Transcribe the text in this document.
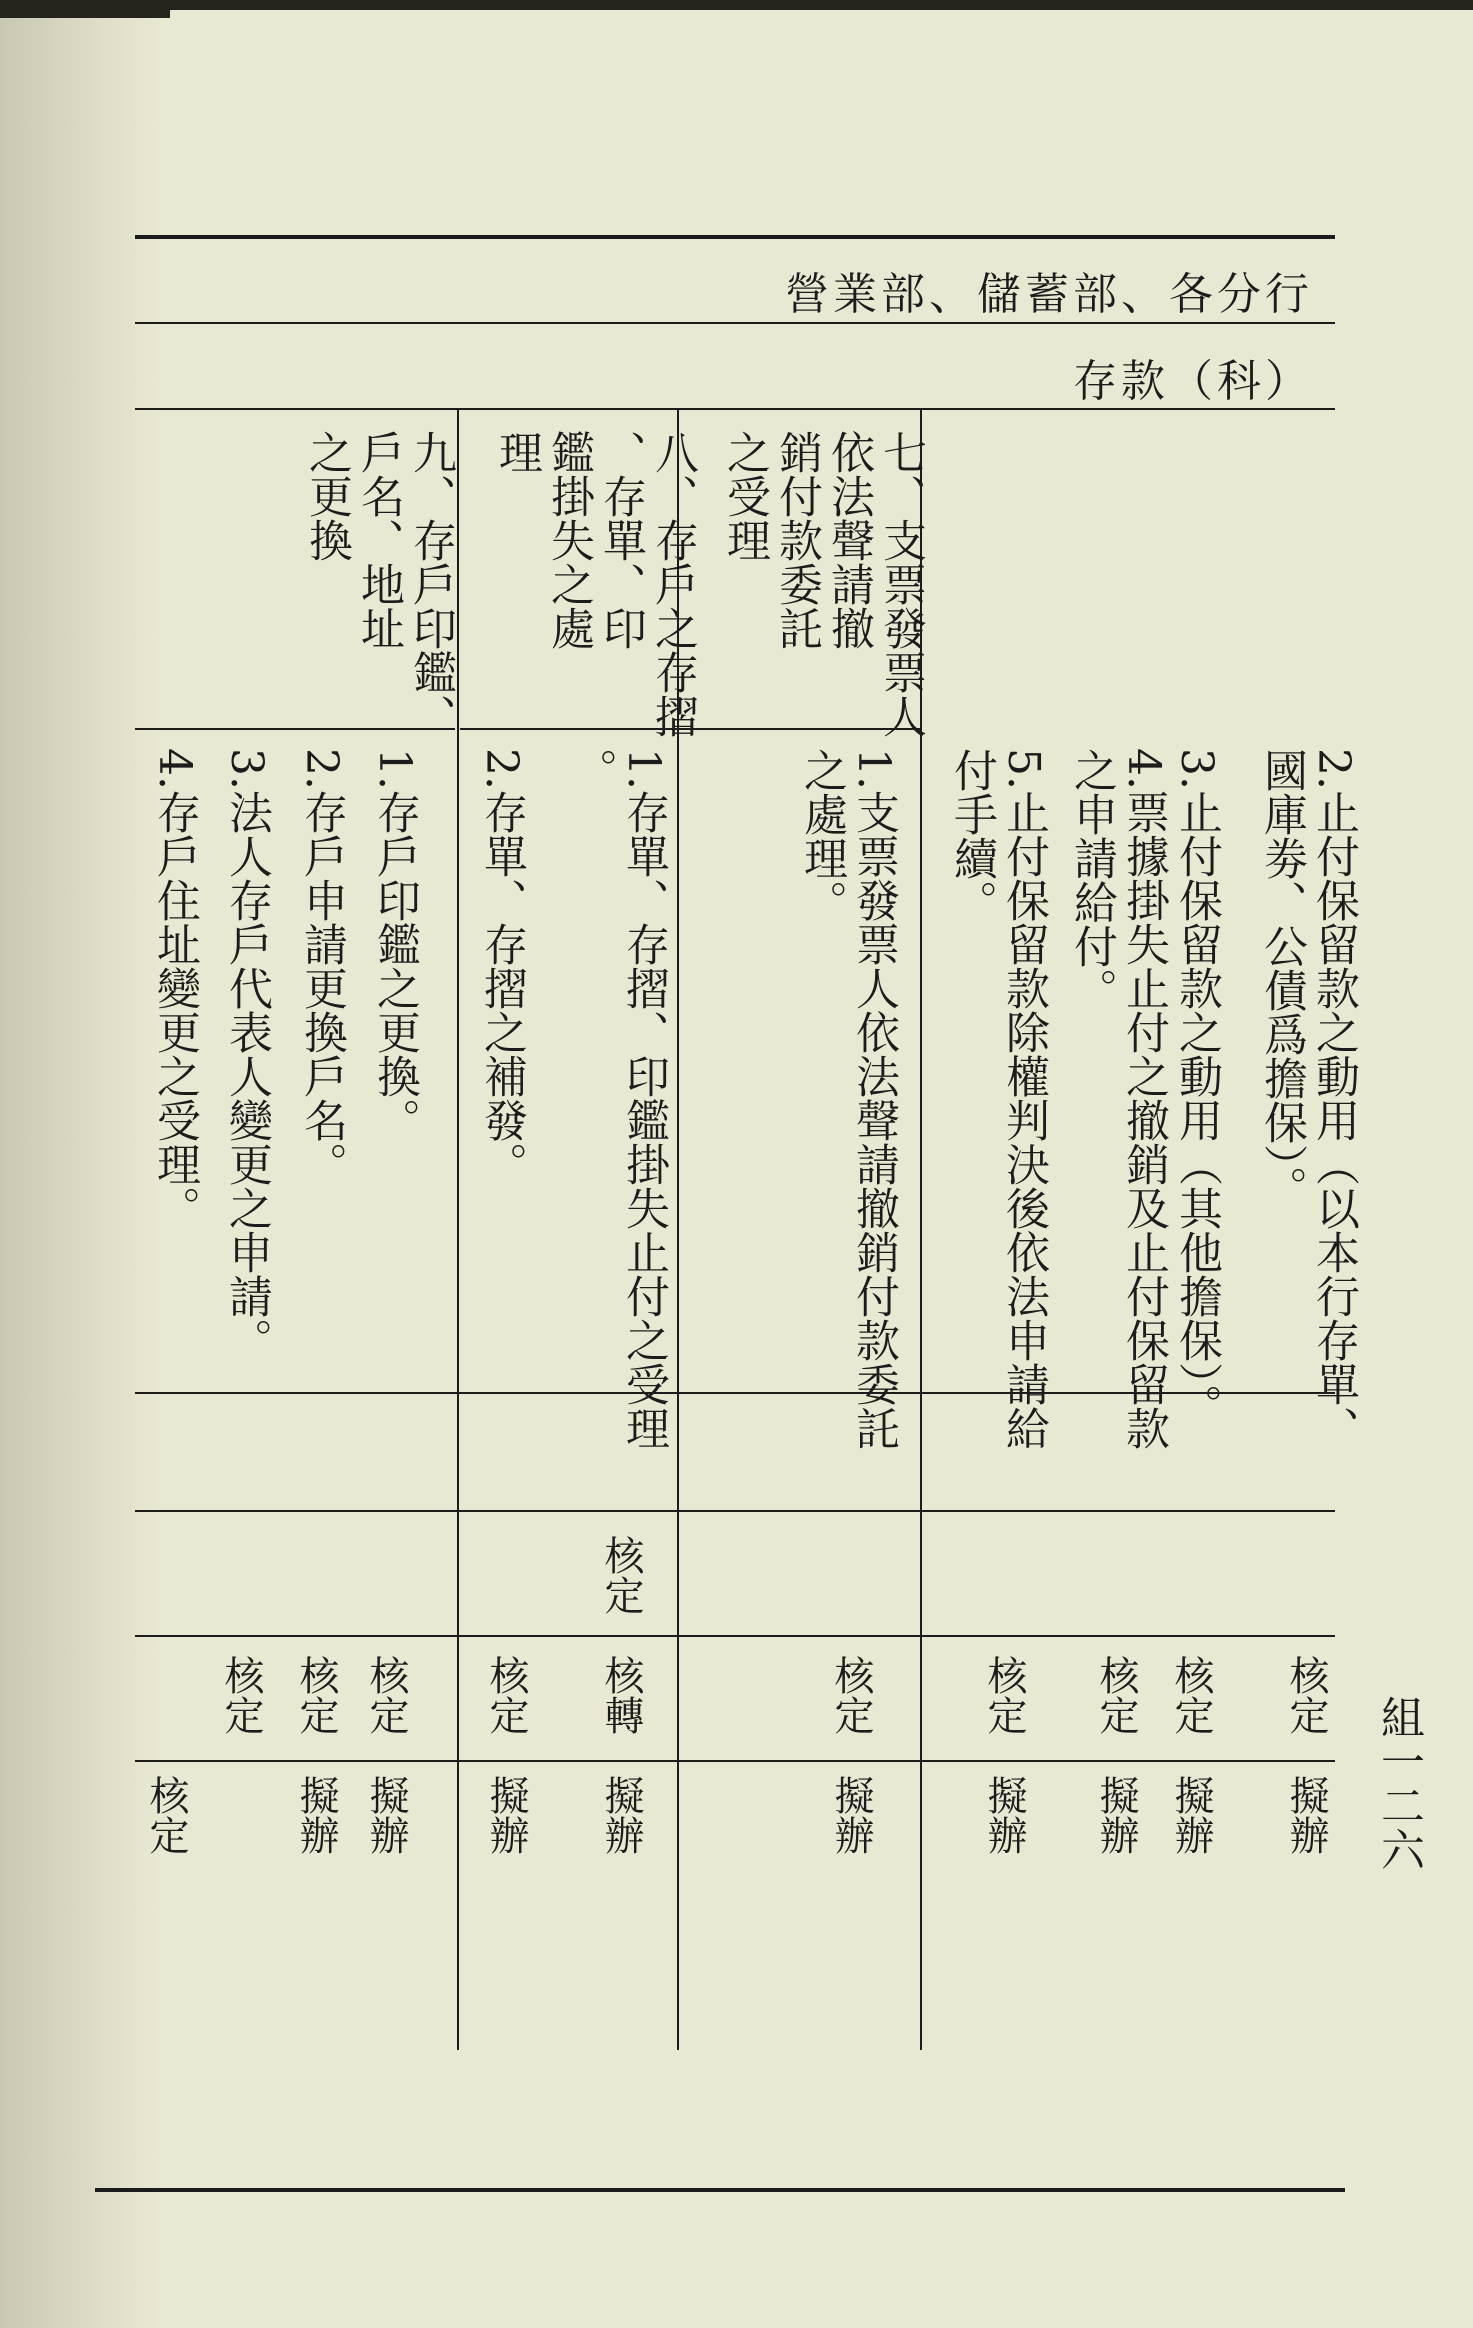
營業部、儲蓄部、各分行
存款（科）
2.止付保留款之動用（以本行存單、
國庫劵、公債爲擔保）。
3.止付保留款之動用（其他擔保）。
4.票據掛失止付之撤銷及止付保留款
之申請給付。
5.止付保留款除權判決後依法申請給
付手續。
七、支票發票人
依法聲請撤
銷付款委託
之受理
1.支票發票人依法聲請撤銷付款委託
之處理。
八、存戶之存摺
、存單、印
鑑掛失之處
理
1.存單、存摺、印鑑掛失止付之受理
。
2.存單、存摺之補發。
核定
九、存戶印鑑、
戶名、地址
之更換
1.存戶印鑑之更換。
2.存戶申請更換戶名。
3.法人存戶代表人變更之申請。
4.存戶住址變更之受理。
核定
核定
核定
核定
核定
核轉
核定
核定
核定
核定
擬辦
擬辦
擬辦
擬辦
擬辦
擬辦
擬辦
擬辦
擬辦
核定	組一二六
